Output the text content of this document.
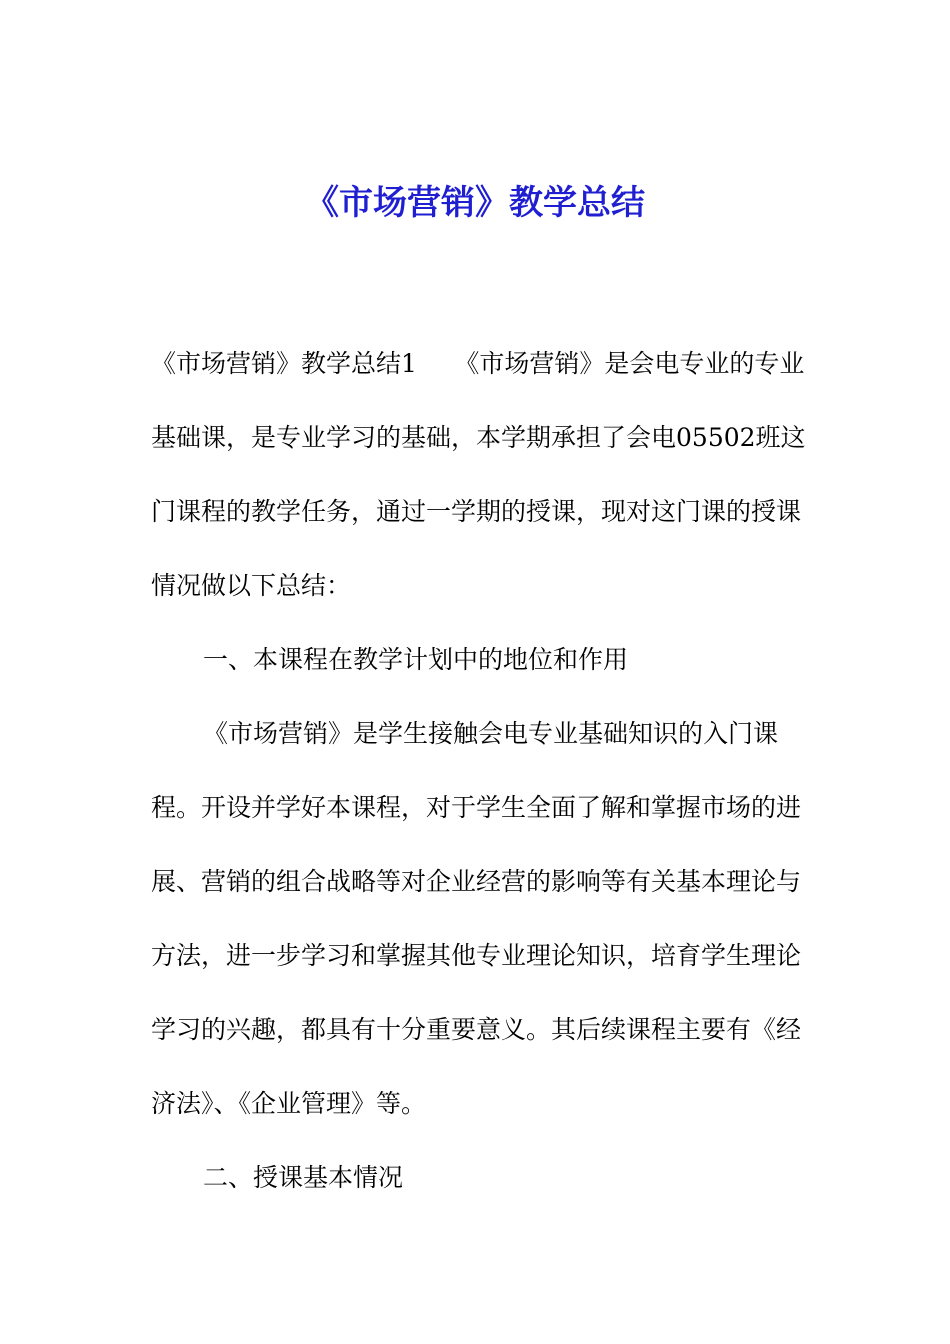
《市场营销》教学总结

《市场营销》教学总结1　　《市场营销》是会电专业的专业基础课，是专业学习的基础，本学期承担了会电05502班这门课程的教学任务，通过一学期的授课，现对这门课的授课情况做以下总结：

一、本课程在教学计划中的地位和作用

《市场营销》是学生接触会电专业基础知识的入门课程。开设并学好本课程，对于学生全面了解和掌握市场的进展、营销的组合战略等对企业经营的影响等有关基本理论与方法，进一步学习和掌握其他专业理论知识，培育学生理论学习的兴趣，都具有十分重要意义。其后续课程主要有《经济法》、《企业管理》等。

二、授课基本情况
